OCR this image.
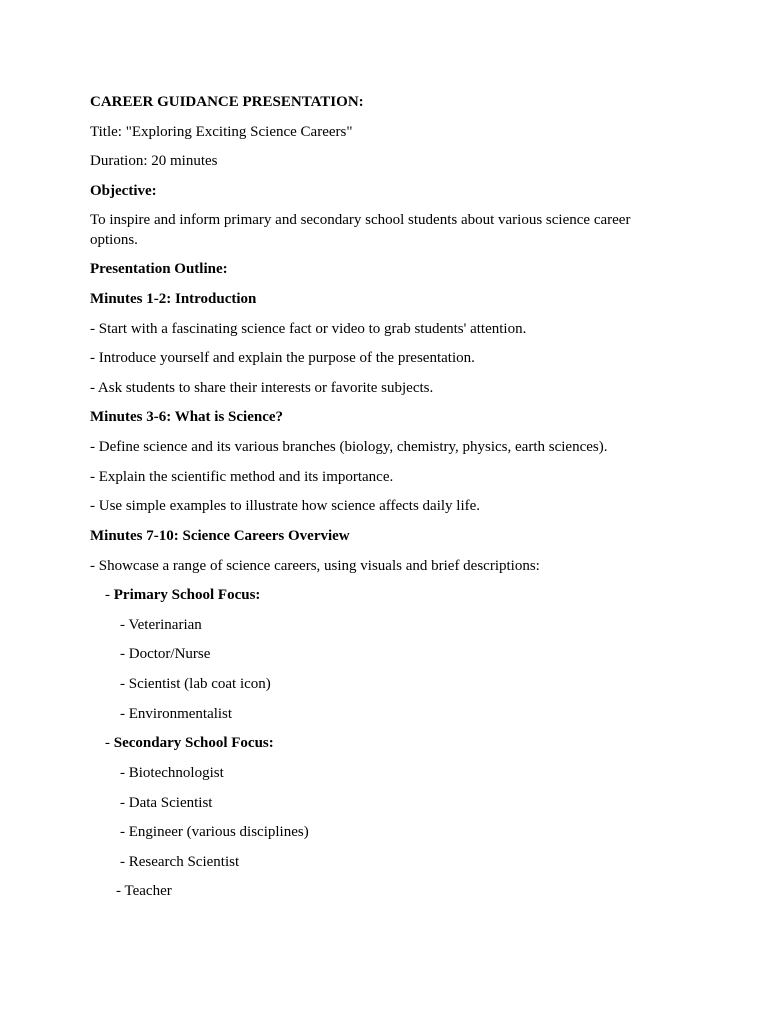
CAREER GUIDANCE PRESENTATION:
Title: "Exploring Exciting Science Careers"
Duration: 20 minutes
Objective:
To inspire and inform primary and secondary school students about various science career options.
Presentation Outline:
Minutes 1-2: Introduction
- Start with a fascinating science fact or video to grab students' attention.
- Introduce yourself and explain the purpose of the presentation.
- Ask students to share their interests or favorite subjects.
Minutes 3-6: What is Science?
- Define science and its various branches (biology, chemistry, physics, earth sciences).
- Explain the scientific method and its importance.
- Use simple examples to illustrate how science affects daily life.
Minutes 7-10: Science Careers Overview
- Showcase a range of science careers, using visuals and brief descriptions:
- Primary School Focus:
- Veterinarian
- Doctor/Nurse
- Scientist (lab coat icon)
- Environmentalist
- Secondary School Focus:
- Biotechnologist
- Data Scientist
- Engineer (various disciplines)
- Research Scientist
- Teacher
